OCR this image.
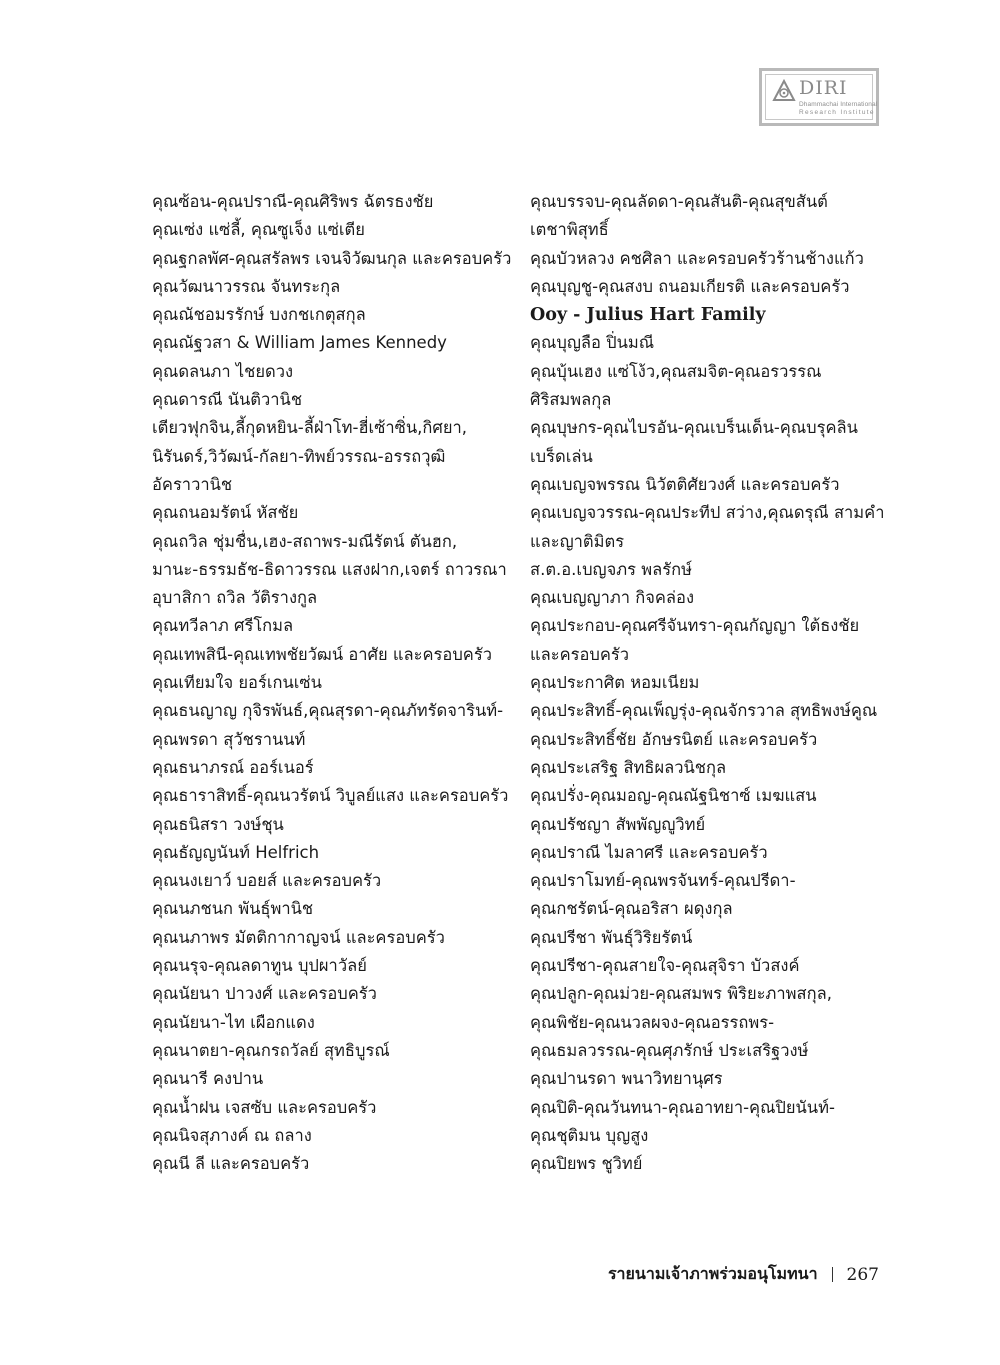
DIRI
Dhammachai International
Research Institute
คุณซ้อน-คุณปราณี-คุณศิริพร ฉัตรธงชัย
คุณเซ่ง แซ่ลี้, คุณซูเจ็ง แซ่เตีย
คุณฐกลพัศ-คุณสรัลพร เจนจิวัฒนกุล และครอบครัว
คุณวัฒนาวรรณ จันทระกุล
คุณณัชอมรรักษ์ บงกชเกตุสกุล
คุณณัฐวสา & William James Kennedy
คุณดลนภา ไชยดวง
คุณดารณี นันติวานิช
เตียวฟุกจิน,ลี้กุดหยิน-ลี้ฝ่าโท-ฮี่เซ้าซิ่น,กิศยา,
นิรันดร์,วิวัฒน์-กัลยา-ทิพย์วรรณ-อรรถวุฒิ
อัคราวานิช
คุณถนอมรัตน์ หัสชัย
คุณถวิล ชุ่มชื่น,เฮง-สถาพร-มณีรัตน์ ตันฮก,
มานะ-ธรรมธัช-ธิดาวรรณ แสงฝาก,เจตร์ ถาวรณา
อุบาสิกา ถวิล วัติรางกูล
คุณทวีลาภ ศรีโกมล
คุณเทพสินี-คุณเทพชัยวัฒน์ อาศัย และครอบครัว
คุณเทียมใจ ยอร์เกนเซ่น
คุณธนญาญ กุจิรพันธ์,คุณสุรดา-คุณภัทรัดจารินท์-
คุณพรดา สุวัชรานนท์
คุณธนาภรณ์ ออร์เนอร์
คุณธาราสิทธิ์-คุณนวรัตน์ วิบูลย์แสง และครอบครัว
คุณธนิสรา วงษ์ชุน
คุณธัญญนันท์ Helfrich
คุณนงเยาว์ บอยส์ และครอบครัว
คุณนภชนก พันธุ์พานิช
คุณนภาพร มัตติกากาญจน์ และครอบครัว
คุณนรุจ-คุณลดาทูน บุปผาวัลย์
คุณนัยนา ปาวงศ์ และครอบครัว
คุณนัยนา-ไท เผือกแดง
คุณนาตยา-คุณกรถวัลย์ สุทธิบูรณ์
คุณนารี คงปาน
คุณน้ำฝน เจสซับ และครอบครัว
คุณนิจสุภางค์ ณ ถลาง
คุณนี ลี และครอบครัว
คุณบรรจบ-คุณลัดดา-คุณสันติ-คุณสุขสันต์
เตชาพิสุทธิ์
คุณบัวหลวง คชศิลา และครอบครัวร้านช้างแก้ว
คุณบุญชู-คุณสงบ ถนอมเกียรติ และครอบครัว
Ooy - Julius Hart Family
คุณบุญลือ ปิ่นมณี
คุณบุ้นเฮง แซ่โง้ว,คุณสมจิต-คุณอรวรรณ
ศิริสมพลกุล
คุณบุษกร-คุณไบรอัน-คุณเบร็นเด็น-คุณบรุคลิน
เบร็ดเล่น
คุณเบญจพรรณ นิวัตติศัยวงศ์ และครอบครัว
คุณเบญจวรรณ-คุณประทีป สว่าง,คุณดรุณี สามคำ
และญาติมิตร
ส.ต.อ.เบญจภร พลรักษ์
คุณเบญญาภา กิจคล่อง
คุณประกอบ-คุณศรีจันทรา-คุณกัญญา ใต้ธงชัย
และครอบครัว
คุณประกาศิต หอมเนียม
คุณประสิทธิ์-คุณเพ็ญรุ่ง-คุณจักรวาล สุทธิพงษ์คูณ
คุณประสิทธิ์ชัย อักษรนิตย์ และครอบครัว
คุณประเสริฐ สิทธิผลวนิชกุล
คุณปรั่ง-คุณมอญ-คุณณัฐนิชาซ์ เมฆแสน
คุณปรัชญา สัพพัญญูวิทย์
คุณปราณี ไมลาศรี และครอบครัว
คุณปราโมทย์-คุณพรจันทร์-คุณปรีดา-
คุณกชรัตน์-คุณอริสา ผดุงกุล
คุณปรีชา พันธุ์วิริยรัตน์
คุณปรีชา-คุณสายใจ-คุณสุจิรา บัวสงค์
คุณปลูก-คุณม่วย-คุณสมพร พิริยะภาพสกุล,
คุณพิชัย-คุณนวลผจง-คุณอรรถพร-
คุณธมลวรรณ-คุณศุภรักษ์ ประเสริฐวงษ์
คุณปานรดา พนาวิทยานุศร
คุณปิติ-คุณวันทนา-คุณอาทยา-คุณปิยนันท์-
คุณชุติมน บุญสูง
คุณปิยพร ชูวิทย์
รายนามเจ้าภาพร่วมอนุโมทนา 267
